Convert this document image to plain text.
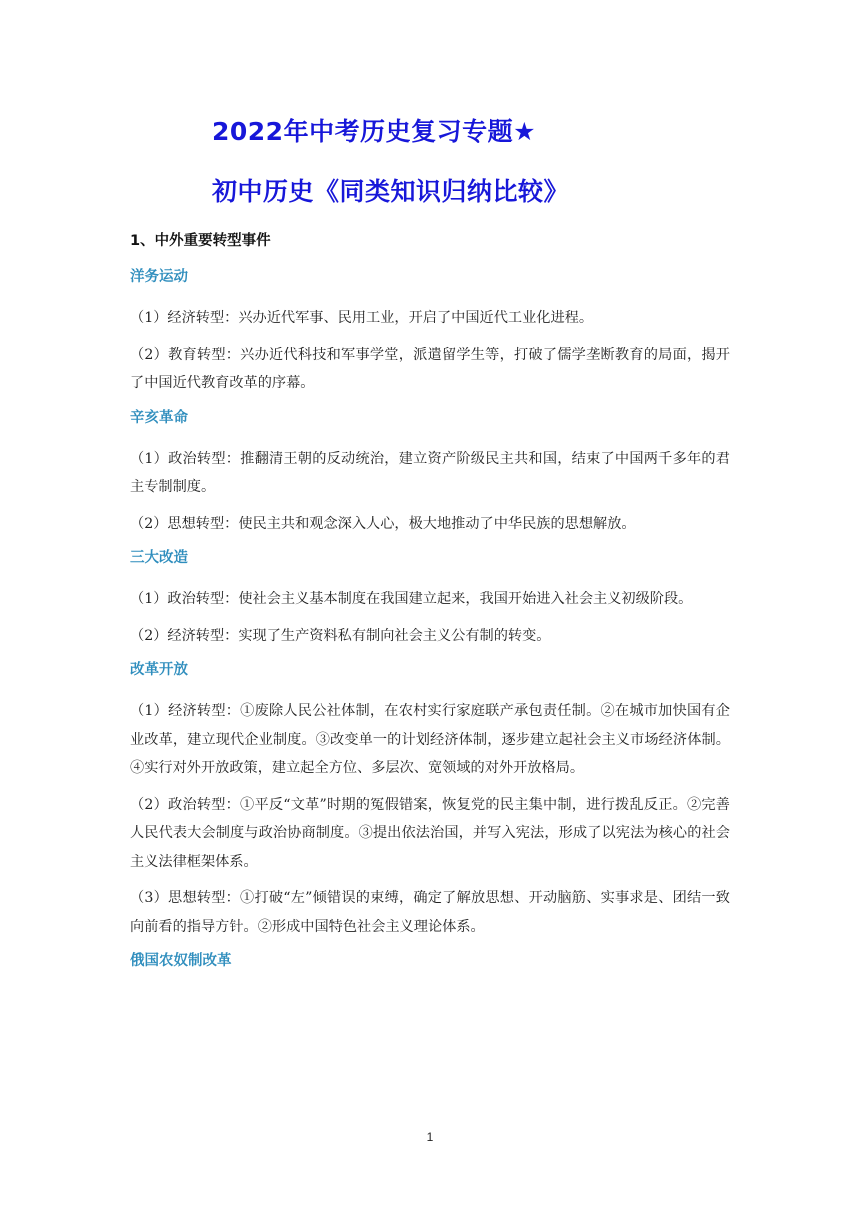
2022年中考历史复习专题★
初中历史《同类知识归纳比较》
1、中外重要转型事件
洋务运动

（1）经济转型：兴办近代军事、民用工业，开启了中国近代工业化进程。

（2）教育转型：兴办近代科技和军事学堂，派遣留学生等，打破了儒学垄断教育的局面，揭开了中国近代教育改革的序幕。

辛亥革命

（1）政治转型：推翻清王朝的反动统治，建立资产阶级民主共和国，结束了中国两千多年的君主专制制度。

（2）思想转型：使民主共和观念深入人心，极大地推动了中华民族的思想解放。

三大改造

（1）政治转型：使社会主义基本制度在我国建立起来，我国开始进入社会主义初级阶段。

（2）经济转型：实现了生产资料私有制向社会主义公有制的转变。

改革开放

（1）经济转型：①废除人民公社体制，在农村实行家庭联产承包责任制。②在城市加快国有企业改革，建立现代企业制度。③改变单一的计划经济体制，逐步建立起社会主义市场经济体制。④实行对外开放政策，建立起全方位、多层次、宽领域的对外开放格局。

（2）政治转型：①平反“文革”时期的冤假错案，恢复党的民主集中制，进行拨乱反正。②完善人民代表大会制度与政治协商制度。③提出依法治国，并写入宪法，形成了以宪法为核心的社会主义法律框架体系。

（3）思想转型：①打破“左”倾错误的束缚，确定了解放思想、开动脑筋、实事求是、团结一致向前看的指导方针。②形成中国特色社会主义理论体系。

俄国农奴制改革
1
